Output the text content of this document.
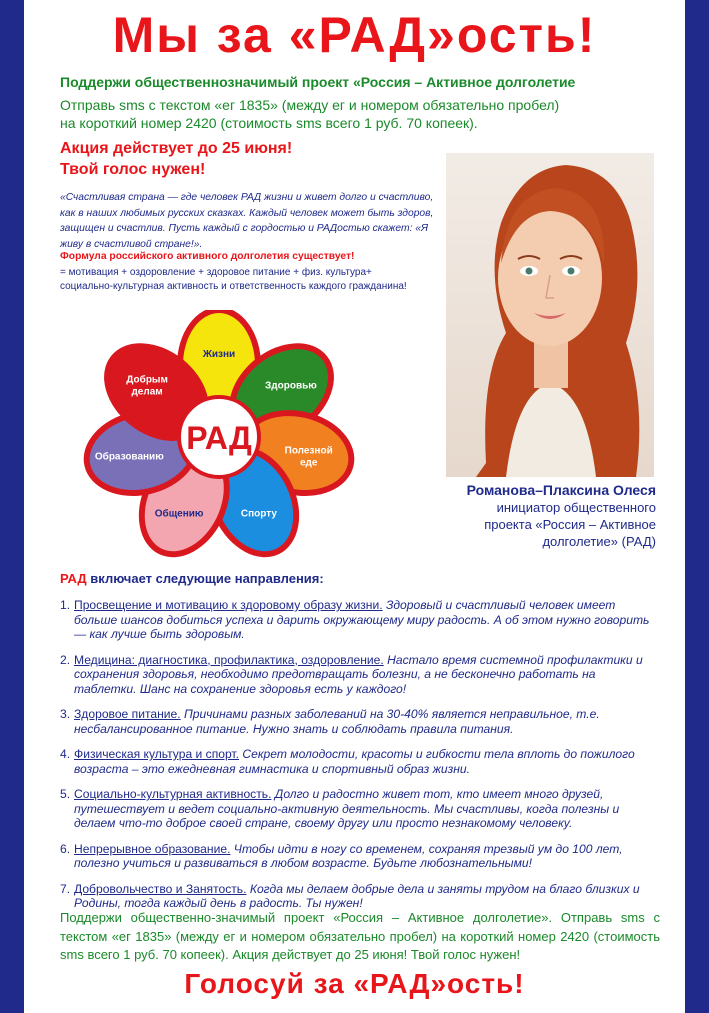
Мы за «РАД»ость!
Поддержи общественнозначимый проект «Россия – Активное долголетие
Отправь sms с текстом «ег 1835» (между ег и номером обязательно пробел)
на короткий номер 2420 (стоимость sms всего 1 руб. 70 копеек).
Акция действует до 25 июня!
Твой голос нужен!
«Счастливая страна — где человек РАД жизни и живет долго и счастливо, как в наших любимых русских сказках. Каждый человек может быть здоров, защищен и счастлив. Пусть каждый с гордостью и РАДостью скажет: «Я живу в счастливой стране!».
Формула российского активного долголетия существует!
= мотивация + оздоровление + здоровое питание + физ. культура+ социально-культурная активность и ответственность каждого гражданина!
Романова–Плаксина Олеся
инициатор общественного
проекта «Россия – Активное
долголетие» (РАД)
Жизни
Здоровью
Полезной
еде
Спорту
Общению
Образованию
Добрым
делам
РАД
РАД включает следующие направления:
1. Просвещение и мотивацию к здоровому образу жизни. Здоровый и счастливый человек имеет больше шансов добиться успеха и дарить окружающему миру радость. А об этом нужно говорить — как лучше быть здоровым.
2. Медицина: диагностика, профилактика, оздоровление. Настало время системной профилактики и сохранения здоровья, необходимо предотвращать болезни, а не бесконечно работать на таблетки. Шанс на сохранение здоровья есть у каждого!
3. Здоровое питание. Причинами разных заболеваний на 30-40% является неправильное, т.е. несбалансированное питание. Нужно знать и соблюдать правила питания.
4. Физическая культура и спорт. Секрет молодости, красоты и гибкости тела вплоть до пожилого возраста – это ежедневная гимнастика и спортивный образ жизни.
5. Социально-культурная активность. Долго и радостно живет тот, кто имеет много друзей, путешествует и ведет социально-активную деятельность. Мы счастливы, когда полезны и делаем что-то доброе своей стране, своему другу или просто незнакомому человеку.
6. Непрерывное образование. Чтобы идти в ногу со временем, сохраняя трезвый ум до 100 лет, полезно учиться и развиваться в любом возрасте. Будьте любознательными!
7. Добровольчество и Занятость. Когда мы делаем добрые дела и заняты трудом на благо близких и Родины, тогда каждый день в радость. Ты нужен!
Поддержи общественно-значимый проект «Россия – Активное долголетие». Отправь sms с текстом «ег 1835» (между ег и номером обязательно пробел) на короткий номер 2420 (стоимость sms всего 1 руб. 70 копеек). Акция действует до 25 июня! Твой голос нужен!
Голосуй за «РАД»ость!
